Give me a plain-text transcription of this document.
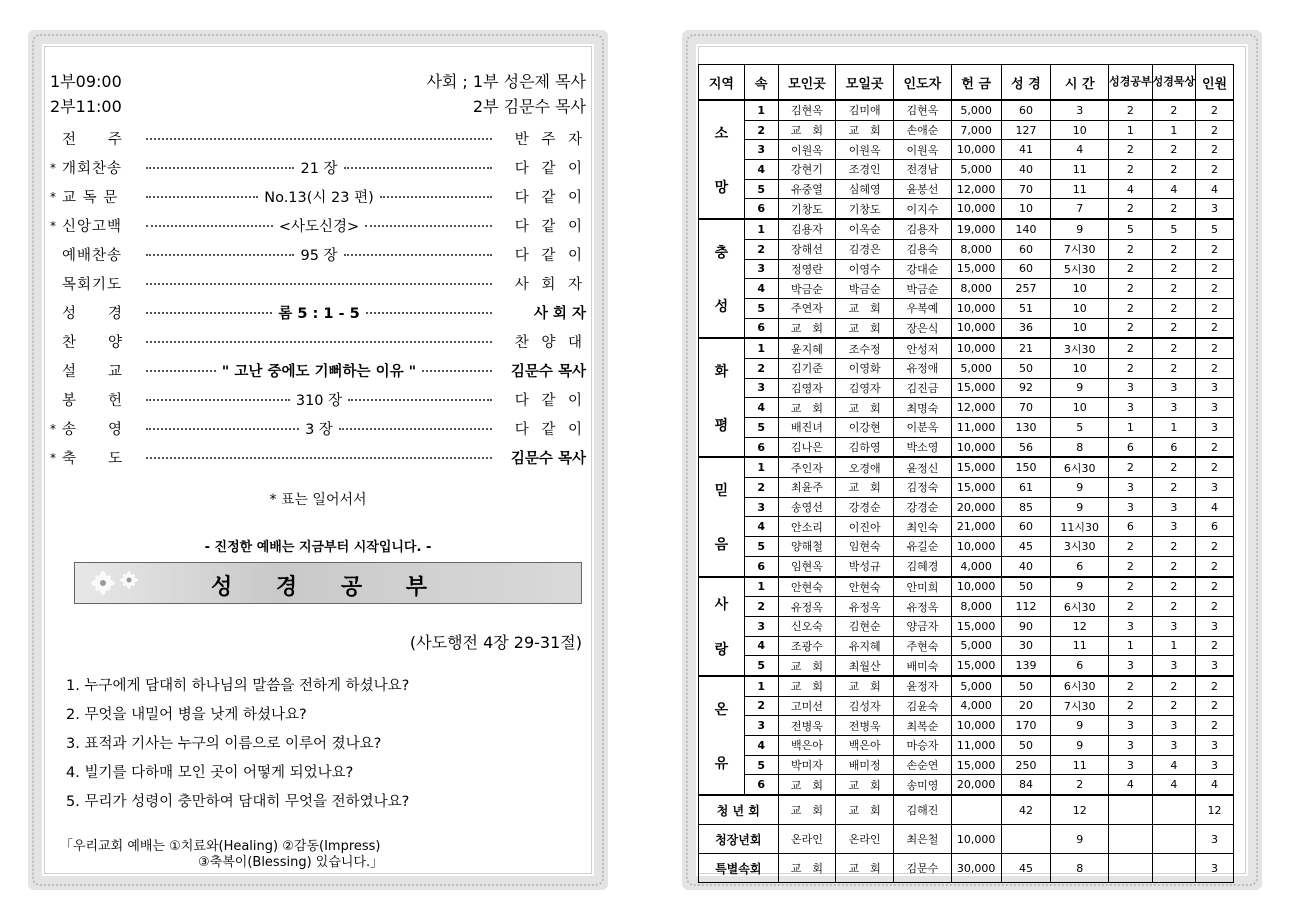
1부09:00
2부11:00
사회 ; 1부 성은제 목사
2부 김문수 목사
전　　주	반 주 자
* 개회찬송	21 장	다 같 이
* 교 독 문	No.13(시 23 편)	다 같 이
* 신앙고백	<사도신경>	다 같 이
예배찬송	95 장	다 같 이
목회기도	사 회 자
성　　경	롬 5 : 1 - 5	사 회 자
찬　　양	찬 양 대
설　　교	" 고난 중에도 기뻐하는 이유 "	김문수 목사
봉　　헌	310 장	다 같 이
* 송　　영	3 장	다 같 이
* 축　　도	김문수 목사
* 표는 일어서서
- 진정한 예배는 지금부터 시작입니다. -
성 경 공 부
(사도행전 4장 29-31절)
1. 누구에게 담대히 하나님의 말씀을 전하게 하셨나요?
2. 무엇을 내밀어 병을 낫게 하셨나요?
3. 표적과 기사는 누구의 이름으로 이루어 졌나요?
4. 빌기를 다하매 모인 곳이 어떻게 되었나요?
5. 무리가 성령이 충만하여 담대히 무엇을 전하였나요?
「우리교회 예배는 ①치료와(Healing) ②감동(Impress)
③축복이(Blessing) 있습니다.」
지역	속	모인곳	모일곳	인도자	헌 금	성 경	시 간	성경공부	성경묵상	인원

소
망	1	김현옥	김미애	김현옥	5,000	60	3	2	2	2
	2	교　회	교　회	손애순	7,000	127	10	1	1	2
	3	이원옥	이원옥	이원옥	10,000	41	4	2	2	2
	4	강현기	조경인	전경남	5,000	40	11	2	2	2
	5	유중열	심혜영	윤봉선	12,000	70	11	4	4	4
	6	기창도	기창도	이지수	10,000	10	7	2	2	3

충
성	1	김용자	이옥순	김용자	19,000	140	9	5	5	5
	2	장해선	김경은	김용숙	8,000	60	7시30	2	2	2
	3	정영란	이영수	강대순	15,000	60	5시30	2	2	2
	4	박금순	박금순	박금순	8,000	257	10	2	2	2
	5	주연자	교　회	우복예	10,000	51	10	2	2	2
	6	교　회	교　회	장은식	10,000	36	10	2	2	2

화
평	1	윤지혜	조수정	안성저	10,000	21	3시30	2	2	2
	2	김기준	이영화	유정애	5,000	50	10	2	2	2
	3	김영자	김영자	김진금	15,000	92	9	3	3	3
	4	교　회	교　회	최명숙	12,000	70	10	3	3	3
	5	배진녀	이강현	이분옥	11,000	130	5	1	1	3
	6	김나은	김하영	박소영	10,000	56	8	6	6	2

믿
음	1	주인자	오경애	윤정신	15,000	150	6시30	2	2	2
	2	최윤주	교　회	김정숙	15,000	61	9	3	2	3
	3	송영선	강경순	강경순	20,000	85	9	3	3	4
	4	안소리	이진아	최인숙	21,000	60	11시30	6	3	6
	5	양해철	임현숙	유길순	10,000	45	3시30	2	2	2
	6	임현옥	박성규	김혜경	4,000	40	6	2	2	2

사
랑	1	안현숙	안현숙	안미희	10,000	50	9	2	2	2
	2	유정옥	유정옥	유정옥	8,000	112	6시30	2	2	2
	3	신오숙	김현순	양금자	15,000	90	12	3	3	3
	4	조광수	유지혜	주현숙	5,000	30	11	1	1	2
	5	교　회	최월산	배미숙	15,000	139	6	3	3	3

온
유	1	교　회	교　회	윤정자	5,000	50	6시30	2	2	2
	2	고미선	김성자	김윤숙	4,000	20	7시30	2	2	2
	3	전병욱	전병욱	최복순	10,000	170	9	3	3	2
	4	백은아	백은아	마승자	11,000	50	9	3	3	3
	5	박미자	배미정	손순연	15,000	250	11	3	4	3
	6	교　회	교　회	송미영	20,000	84	2	4	4	4
청 년 회		교　회	교　회	김해진		42	12			12
청장년회		온라인	온라인	최은철	10,000		9			3
특별속회		교　회	교　회	김문수	30,000	45	8			3
